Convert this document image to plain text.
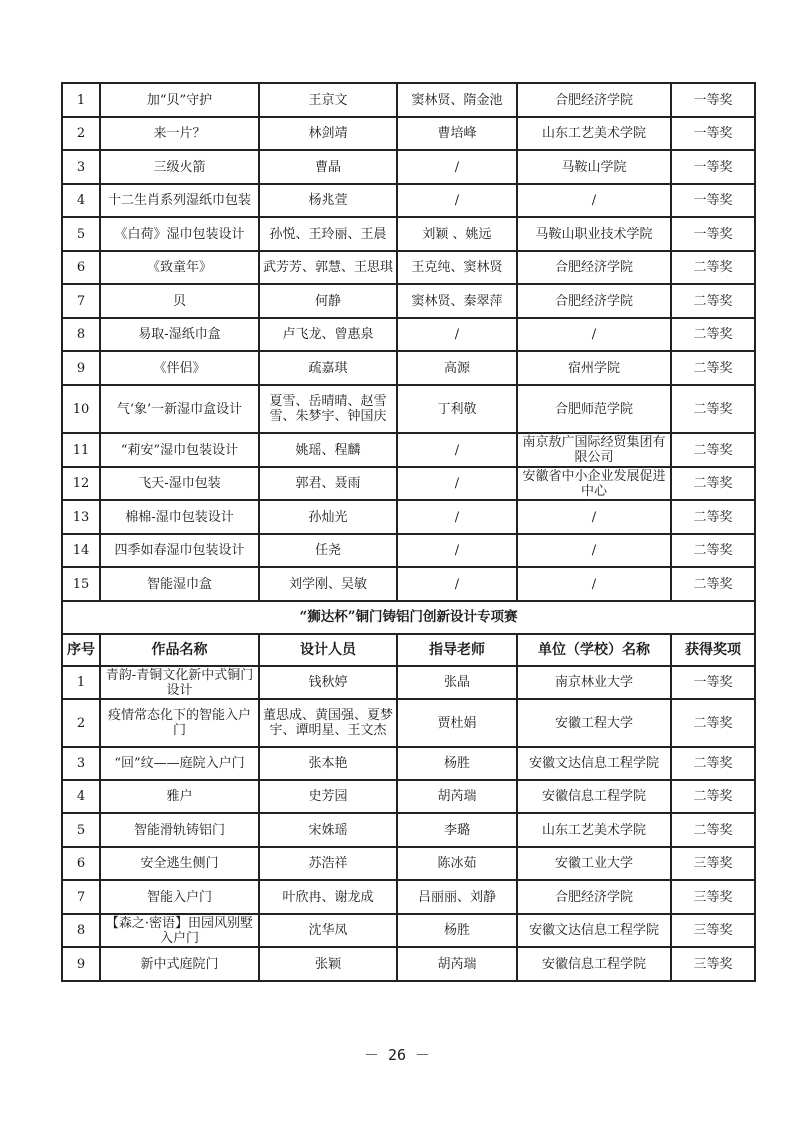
1	加“贝”守护	王京文	窦林贤、隋金池	合肥经济学院	一等奖
2	来一片？	林剑靖	曹培峰	山东工艺美术学院	一等奖
3	三级火箭	曹晶	/	马鞍山学院	一等奖
4	十二生肖系列湿纸巾包装	杨兆萱	/	/	一等奖
5	《白荷》湿巾包装设计	孙悦、王玲丽、王晨	刘颖 、姚远	马鞍山职业技术学院	一等奖
6	《致童年》	武芳芳、郭慧、王思琪	王克纯、窦林贤	合肥经济学院	二等奖
7	贝	何静	窦林贤、秦翠萍	合肥经济学院	二等奖
8	易取-湿纸巾盒	卢飞龙、曾惠泉	/	/	二等奖
9	《伴侣》	疏嘉琪	高源	宿州学院	二等奖
10	气‘象’一新湿巾盒设计	夏雪、岳晴晴、赵雪雪、朱梦宇、钟国庆	丁利敬	合肥师范学院	二等奖
11	“莉安”湿巾包装设计	姚瑶、程麟	/	南京敖广国际经贸集团有限公司	二等奖
12	飞天-湿巾包装	郭君、聂雨	/	安徽省中小企业发展促进中心	二等奖
13	棉棉-湿巾包装设计	孙灿光	/	/	二等奖
14	四季如春湿巾包装设计	任尧	/	/	二等奖
15	智能湿巾盒	刘学刚、吴敏	/	/	二等奖
“狮达杯”铜门铸铝门创新设计专项赛					
序号	作品名称	设计人员	指导老师	单位（学校）名称	获得奖项
1	青韵-青铜文化新中式铜门设计	钱秋婷	张晶	南京林业大学	一等奖
2	疫情常态化下的智能入户门	董思成、黄国强、夏梦宇、谭明星、王文杰	贾杜娟	安徽工程大学	二等奖
3	“回”纹——庭院入户门	张本艳	杨胜	安徽文达信息工程学院	二等奖
4	雅户	史芳园	胡芮瑞	安徽信息工程学院	二等奖
5	智能滑轨铸铝门	宋姝瑶	李璐	山东工艺美术学院	二等奖
6	安全逃生侧门	苏浩祥	陈冰茹	安徽工业大学	三等奖
7	智能入户门	叶欣冉、谢龙成	吕丽丽、刘静	合肥经济学院	三等奖
8	【森之·密语】田园风别墅入户门	沈华凤	杨胜	安徽文达信息工程学院	三等奖
9	新中式庭院门	张颖	胡芮瑞	安徽信息工程学院	三等奖
－ 26 －
